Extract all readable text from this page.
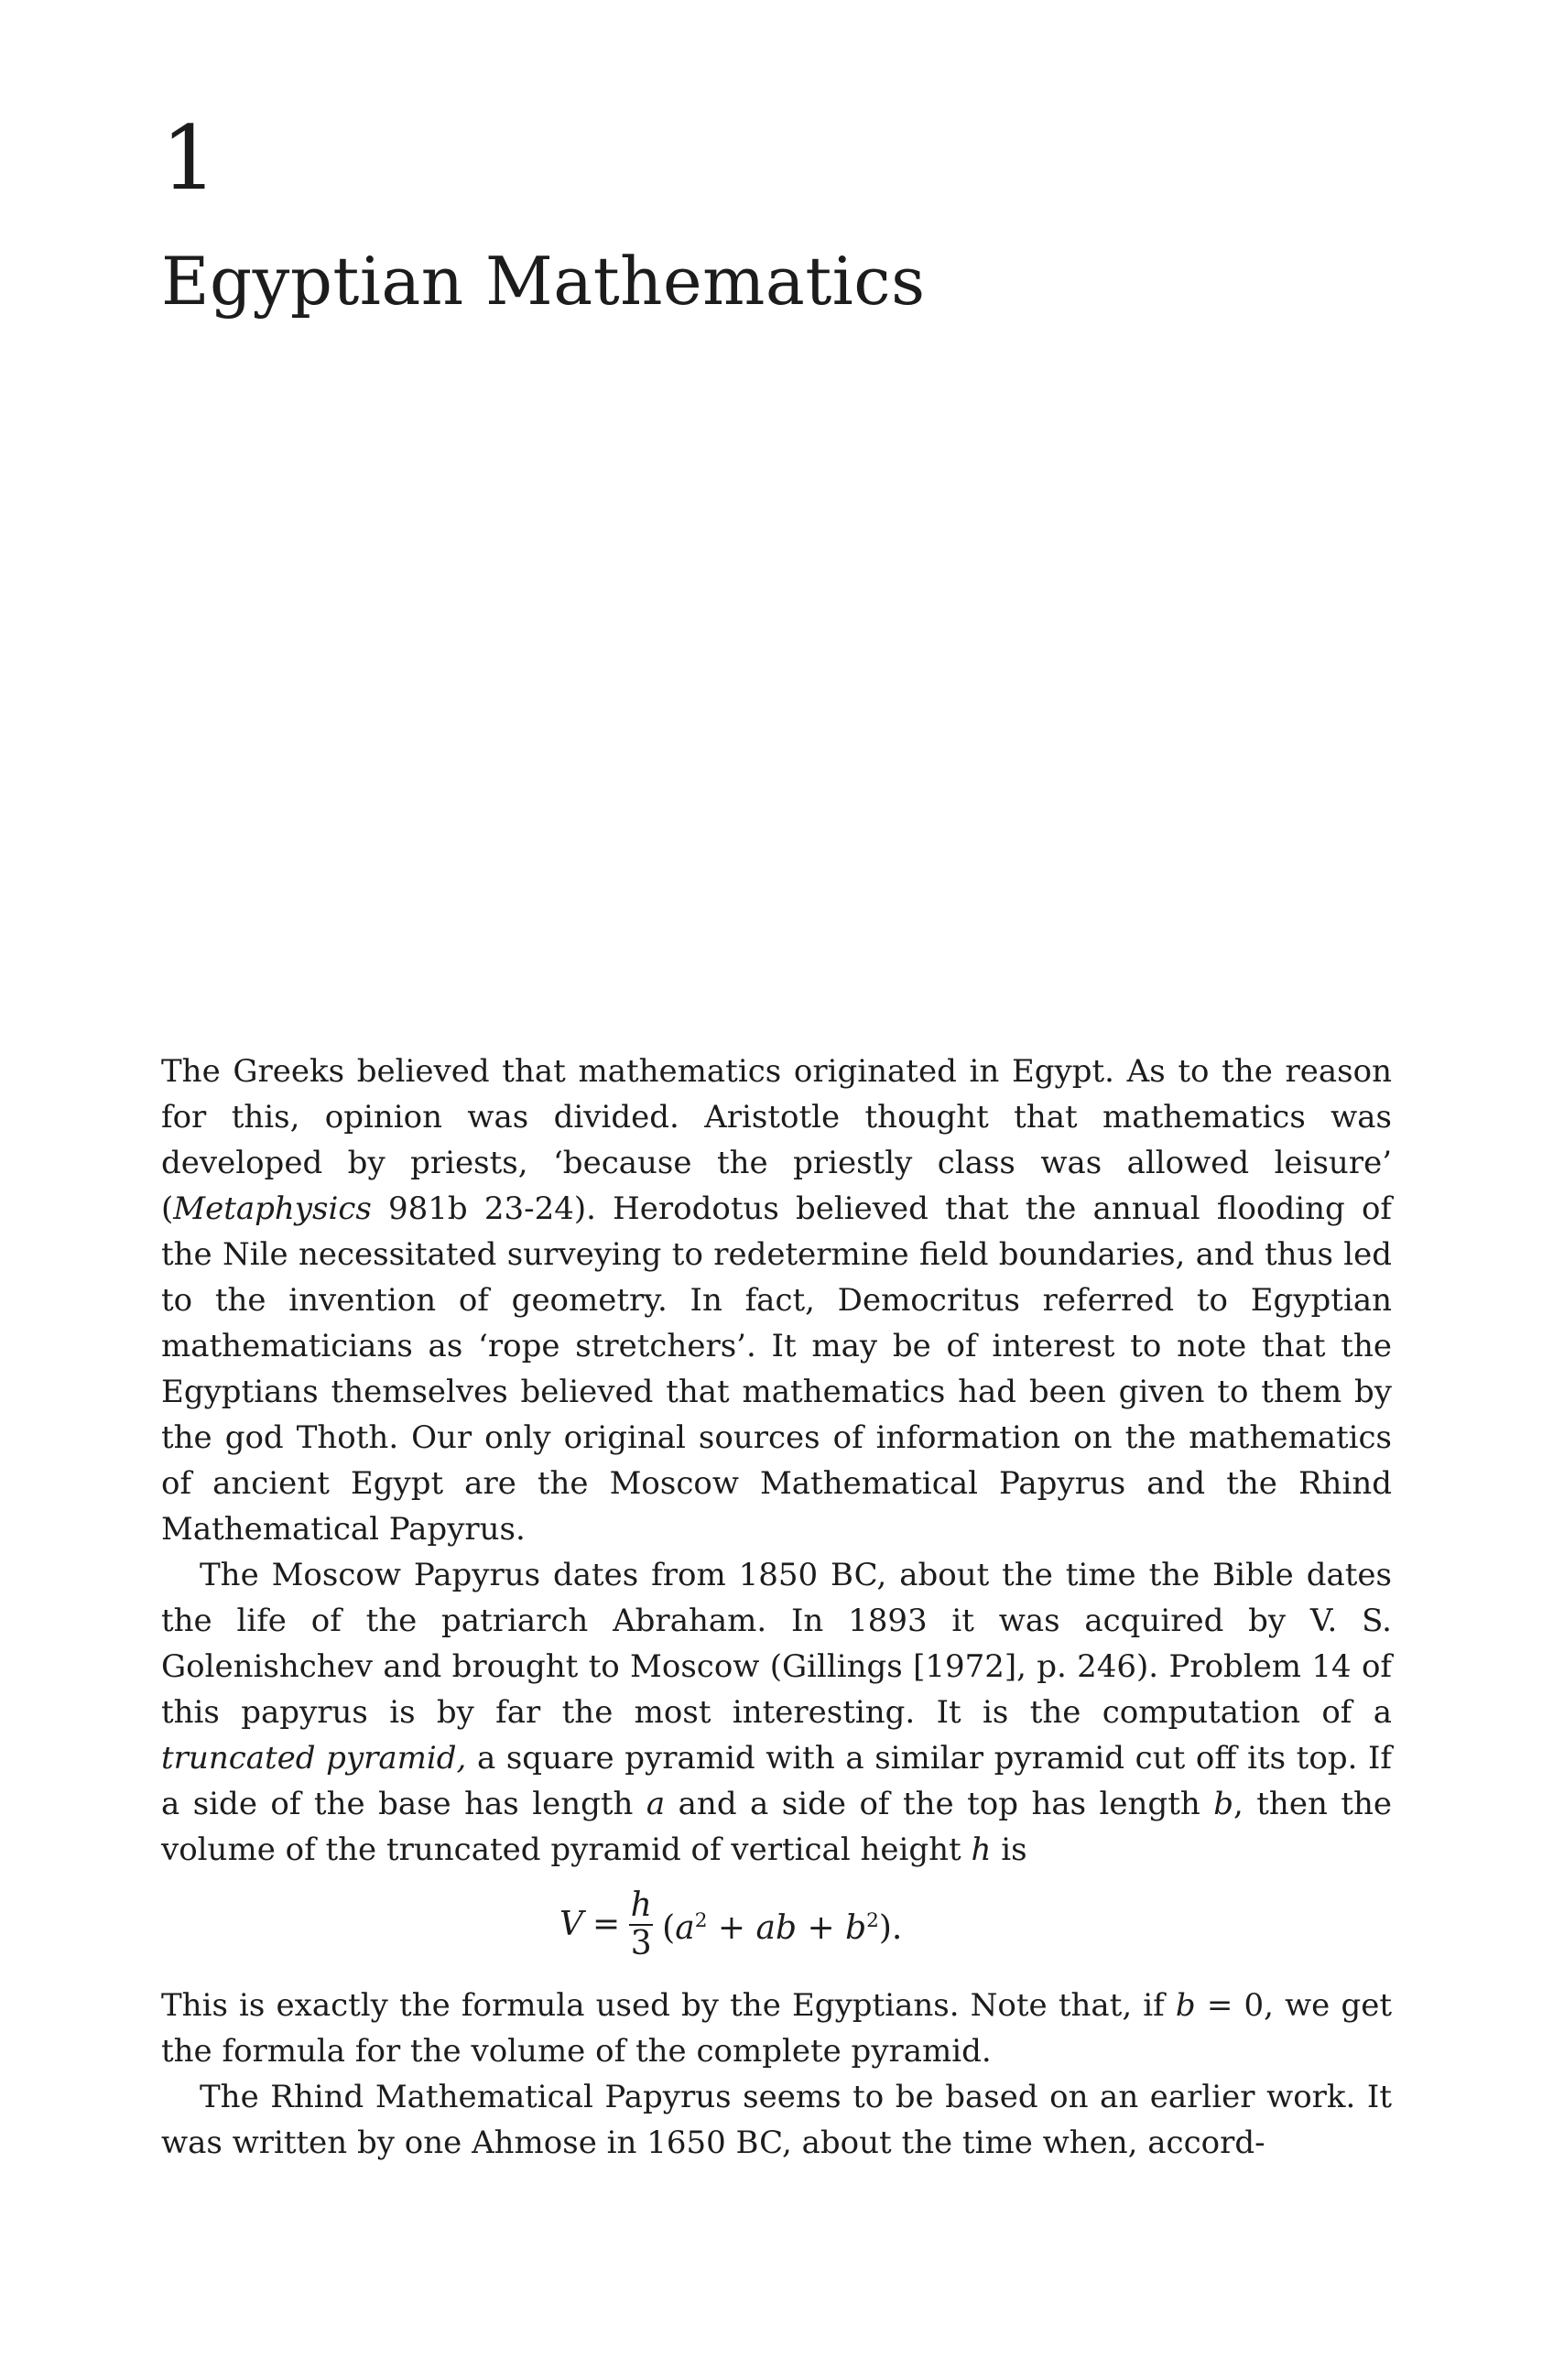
1
Egyptian Mathematics

The Greeks believed that mathematics originated in Egypt. As to the reason for this, opinion was divided. Aristotle thought that mathematics was developed by priests, ‘because the priestly class was allowed leisure’ (Metaphysics 981b 23-24). Herodotus believed that the annual flooding of the Nile necessitated surveying to redetermine field boundaries, and thus led to the invention of geometry. In fact, Democritus referred to Egyptian mathematicians as ‘rope stretchers’. It may be of interest to note that the Egyptians themselves believed that mathematics had been given to them by the god Thoth. Our only original sources of information on the mathematics of ancient Egypt are the Moscow Mathematical Papyrus and the Rhind Mathematical Papyrus.

The Moscow Papyrus dates from 1850 BC, about the time the Bible dates the life of the patriarch Abraham. In 1893 it was acquired by V. S. Golenishchev and brought to Moscow (Gillings [1972], p. 246). Problem 14 of this papyrus is by far the most interesting. It is the computation of a truncated pyramid, a square pyramid with a similar pyramid cut off its top. If a side of the base has length a and a side of the top has length b, then the volume of the truncated pyramid of vertical height h is

$V = \frac{h}{3} (a^2$ + ab + $b^2$).

This is exactly the formula used by the Egyptians. Note that, if b = 0, we get the formula for the volume of the complete pyramid.

The Rhind Mathematical Papyrus seems to be based on an earlier work. It was written by one Ahmose in 1650 BC, about the time when, accord-
